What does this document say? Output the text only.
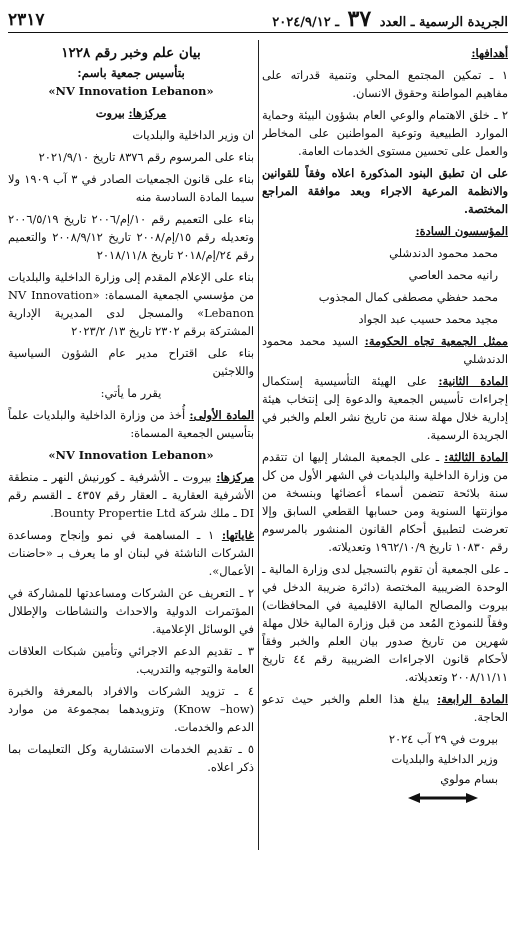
الجريدة الرسمية ـ العدد ٣٧ ـ ٢٠٢٤/٩/١٢
٢٣١٧

أهدافها:

١ ـ تمكين المجتمع المحلي وتنمية قدراته على مفاهيم المواطنة وحقوق الانسان.

٢ ـ خلق الاهتمام والوعي العام بشؤون البيئة وحماية الموارد الطبيعية وتوعية المواطنين على المخاطر والعمل على تحسين مستوى الخدمات العامة.

على ان تطبق البنود المذكورة اعلاه وفقاً للقوانين والانظمة المرعية الاجراء وبعد موافقة المراجع المختصة.

المؤسسون السادة:

محمد محمود الدندشلي

رانيه محمد العاصي

محمد حفظي مصطفى كمال المجذوب

مجيد محمد حسيب عبد الجواد

ممثل الجمعية تجاه الحكومة: السيد محمد محمود الدندشلي

المادة الثانية: على الهيئة التأسيسية إستكمال إجراءات تأسيس الجمعية والدعوة إلى إنتخاب هيئة إدارية خلال مهلة سنة من تاريخ نشر العلم والخبر في الجريدة الرسمية.

المادة الثالثة: ـ على الجمعية المشار إليها ان تتقدم من وزارة الداخلية والبلديات في الشهر الأول من كل سنة بلائحة تتضمن أسماء أعضائها وبنسخة من موازنتها السنوية ومن حسابها القطعي السابق وإلا تعرضت لتطبيق أحكام القانون المنشور بالمرسوم رقم ١٠٨٣٠ تاريخ ١٩٦٢/١٠/٩ وتعديلاته.

ـ على الجمعية أن تقوم بالتسجيل لدى وزارة المالية ـ الوحدة الضريبية المختصة (دائرة ضريبة الدخل في بيروت والمصالح المالية الاقليمية في المحافظات) وفقاً للنموذج المُعد من قبل وزارة المالية خلال مهلة شهرين من تاريخ صدور بيان العلم والخبر وفقاً لأحكام قانون الاجراءات الضريبية رقم ٤٤ تاريخ ٢٠٠٨/١١/١١ وتعديلاته.

المادة الرابعة: يبلغ هذا العلم والخبر حيث تدعو الحاجة.

بيروت في ٢٩ آب ٢٠٢٤

وزير الداخلية والبلديات

بسام مولوي

بيان علم وخبر رقم ١٢٢٨

بتأسيس جمعية باسم:

«NV Innovation Lebanon»

مركزها: بيروت

ان وزير الداخلية والبلديات

بناء على المرسوم رقم ٨٣٧٦ تاريخ ٢٠٢١/٩/١٠

بناء على قانون الجمعيات الصادر في ٣ آب ١٩٠٩ ولا سيما المادة السادسة منه

بناء على التعميم رقم ١٠/إم/٢٠٠٦ تاريخ ٢٠٠٦/٥/١٩ وتعديله رقم ١٥/إم/٢٠٠٨ تاريخ ٢٠٠٨/٩/١٢ والتعميم رقم ٢٤/إم/٢٠١٨ تاريخ ٢٠١٨/١١/٨

بناء على الإعلام المقدم إلى وزارة الداخلية والبلديات من مؤسسي الجمعية المسماة: «NV Innovation Lebanon» والمسجل لدى المديرية الإدارية المشتركة برقم ٢٣٠٢ تاريخ ١٣/ ٢٠٢٣/٢

بناء على اقتراح مدير عام الشؤون السياسية واللاجئين

يقرر ما يأتي:

المادة الأولى: أُخذ من وزارة الداخلية والبلديات علماً بتأسيس الجمعية المسماة:

«NV Innovation Lebanon»

مركزها: بيروت ـ الأشرفية ـ كورنيش النهر ـ منطقة الأشرفية العقارية ـ العقار رقم ٤٣٥٧ ـ القسم رقم DI ـ ملك شركة Bounty Propertie Ltd.

غاياتها: ١ ـ المساهمة في نمو وإنجاح ومساعدة الشركات الناشئة في لبنان او ما يعرف بـ «حاضنات الأعمال».

٢ ـ التعريف عن الشركات ومساعدتها للمشاركة في المؤتمرات الدولية والاحداث والنشاطات والإطلال في الوسائل الإعلامية.

٣ ـ تقديم الدعم الاجرائي وتأمين شبكات العلاقات العامة والتوجيه والتدريب.

٤ ـ تزويد الشركات والافراد بالمعرفة والخبرة (Know –how) وتزويدهما بمجموعة من موارد الدعم والخدمات.

٥ ـ تقديم الخدمات الاستشارية وكل التعليمات بما ذكر اعلاه.
